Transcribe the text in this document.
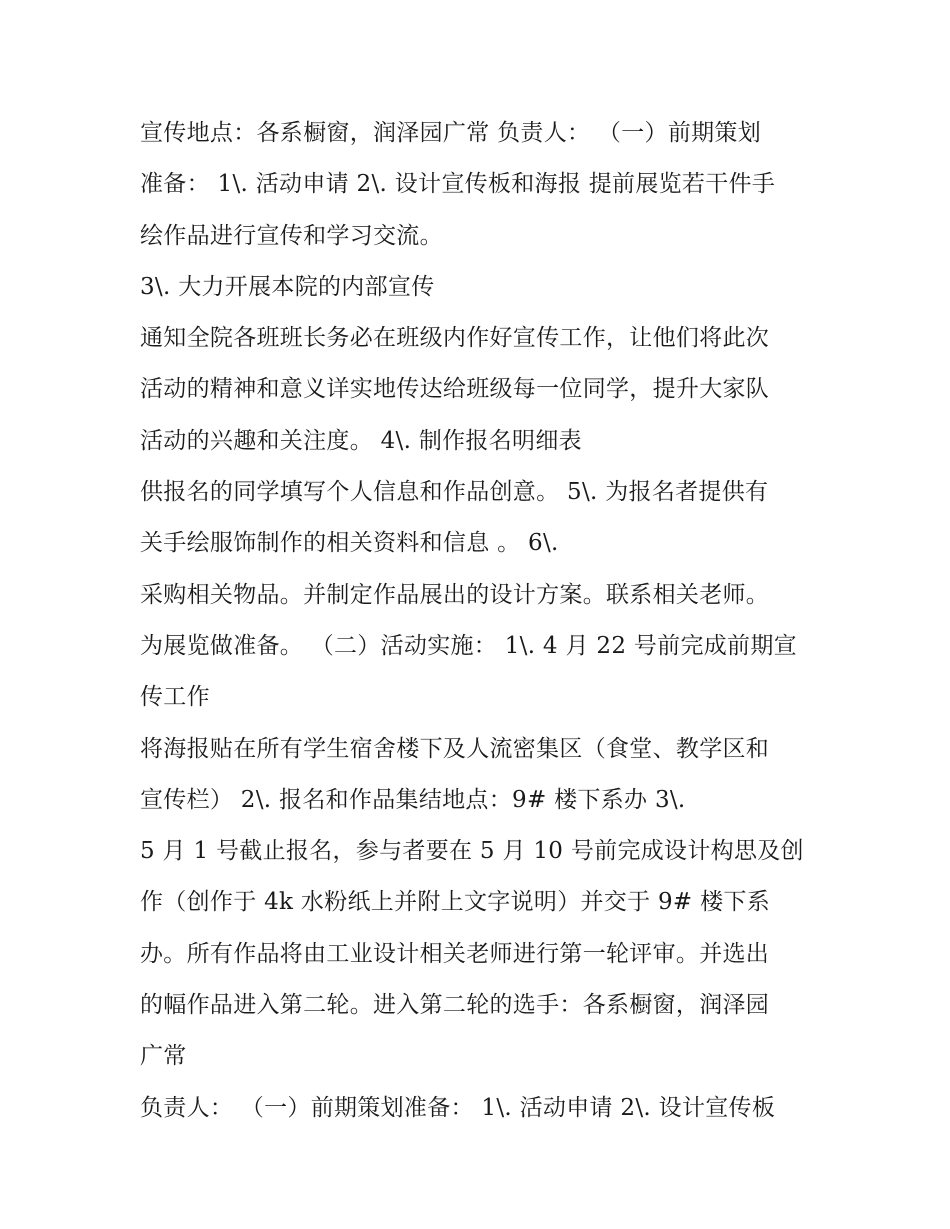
宣传地点：各系橱窗，润泽园广常 负责人： （一）前期策划
准备： 1\. 活动申请 2\. 设计宣传板和海报 提前展览若干件手
绘作品进行宣传和学习交流。
3\. 大力开展本院的内部宣传
通知全院各班班长务必在班级内作好宣传工作，让他们将此次
活动的精神和意义详实地传达给班级每一位同学，提升大家队
活动的兴趣和关注度。 4\. 制作报名明细表
供报名的同学填写个人信息和作品创意。 5\. 为报名者提供有
关手绘服饰制作的相关资料和信息 。 6\.
采购相关物品。并制定作品展出的设计方案。联系相关老师。
为展览做准备。 （二）活动实施： 1\. 4 月 22 号前完成前期宣
传工作
将海报贴在所有学生宿舍楼下及人流密集区（食堂、教学区和
宣传栏） 2\. 报名和作品集结地点：9# 楼下系办 3\.
5 月 1 号截止报名，参与者要在 5 月 10 号前完成设计构思及创
作（创作于 4k 水粉纸上并附上文字说明）并交于 9# 楼下系
办。所有作品将由工业设计相关老师进行第一轮评审。并选出
的幅作品进入第二轮。进入第二轮的选手：各系橱窗，润泽园
广常
负责人： （一）前期策划准备： 1\. 活动申请 2\. 设计宣传板
